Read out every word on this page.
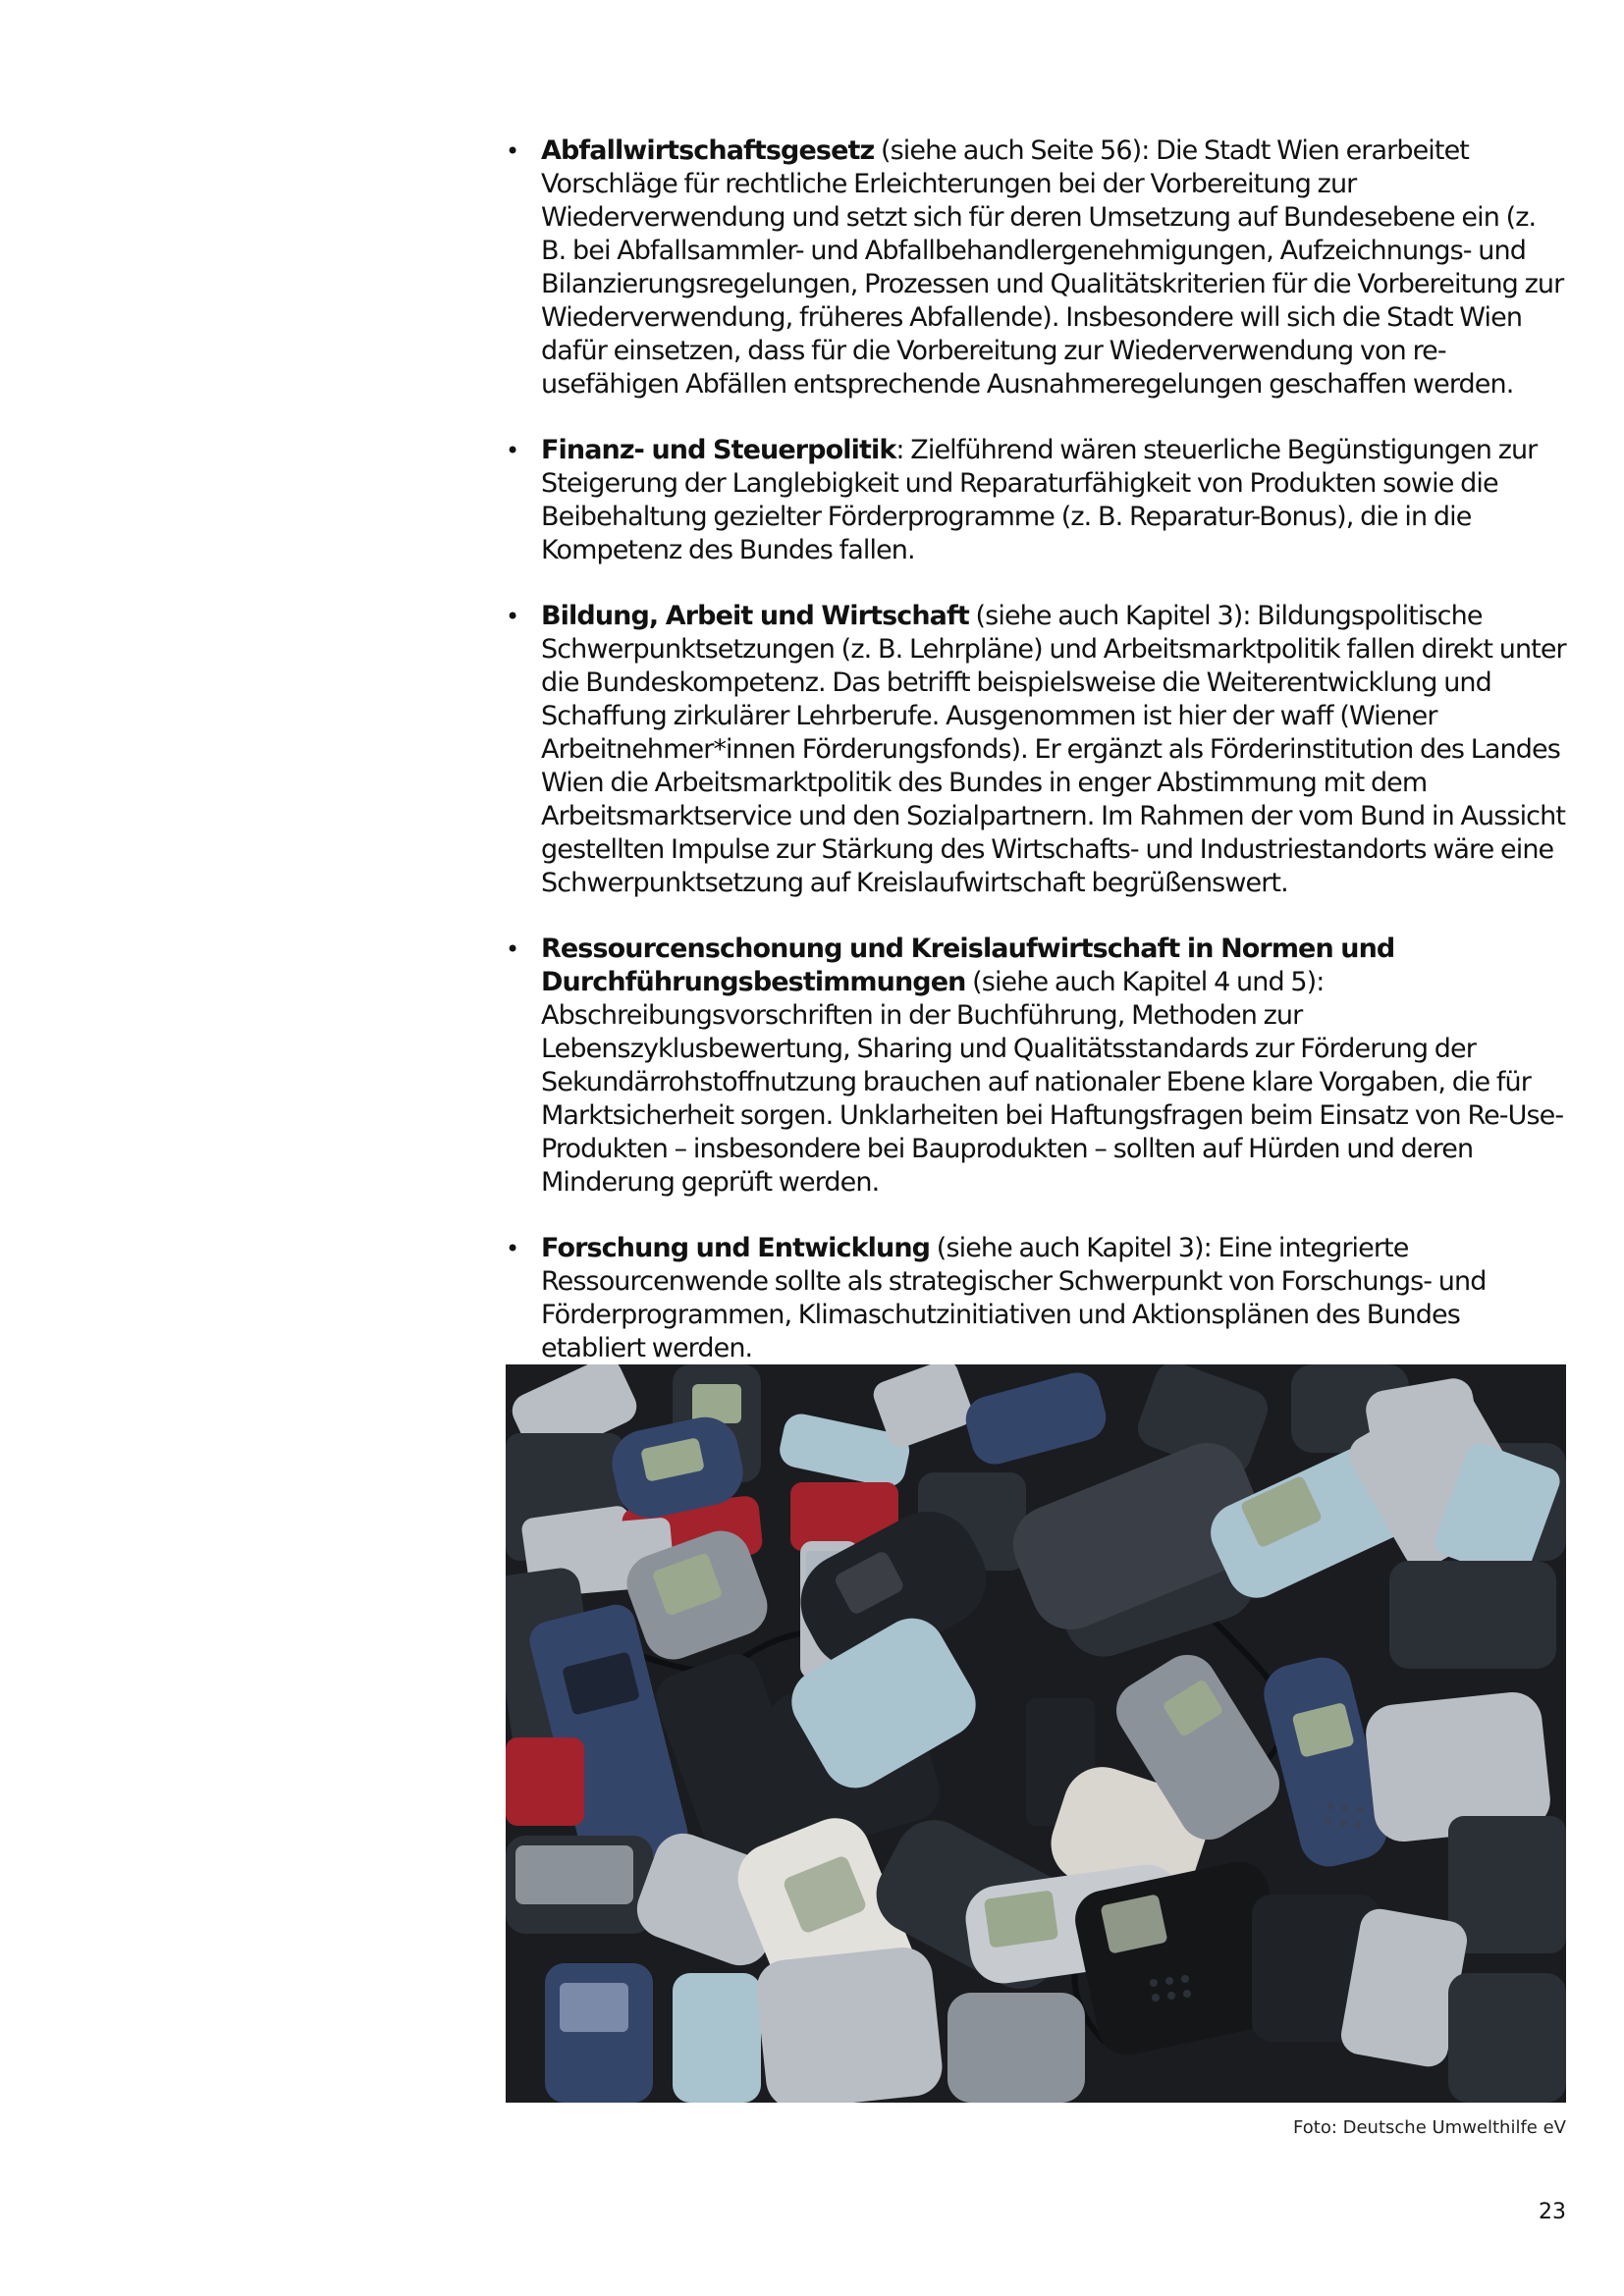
• Abfallwirtschaftsgesetz (siehe auch Seite 56): Die Stadt Wien erarbeitet Vorschläge für rechtliche Erleichterungen bei der Vorbereitung zur Wiederverwendung und setzt sich für deren Umsetzung auf Bundesebene ein (z. B. bei Abfallsammler- und Abfallbehandlergenehmigungen, Aufzeichnungs- und Bilanzierungsregelungen, Prozessen und Qualitätskriterien für die Vorbereitung zur Wiederverwendung, früheres Abfallende). Insbesondere will sich die Stadt Wien dafür einsetzen, dass für die Vorbereitung zur Wiederverwendung von re-usefähigen Abfällen entsprechende Ausnahmeregelungen geschaffen werden.
• Finanz- und Steuerpolitik: Zielführend wären steuerliche Begünstigungen zur Steigerung der Langlebigkeit und Reparaturfähigkeit von Produkten sowie die Beibehaltung gezielter Förderprogramme (z. B. Reparatur-Bonus), die in die Kompetenz des Bundes fallen.
• Bildung, Arbeit und Wirtschaft (siehe auch Kapitel 3): Bildungspolitische Schwerpunktsetzungen (z. B. Lehrpläne) und Arbeitsmarktpolitik fallen direkt unter die Bundeskompetenz. Das betrifft beispielsweise die Weiterentwicklung und Schaffung zirkulärer Lehrberufe. Ausgenommen ist hier der waff (Wiener Arbeitnehmer*innen Förderungsfonds). Er ergänzt als Förderinstitution des Landes Wien die Arbeitsmarktpolitik des Bundes in enger Abstimmung mit dem Arbeitsmarktservice und den Sozialpartnern. Im Rahmen der vom Bund in Aussicht gestellten Impulse zur Stärkung des Wirtschafts- und Industriestandorts wäre eine Schwerpunktsetzung auf Kreislaufwirtschaft begrüßenswert.
• Ressourcenschonung und Kreislaufwirtschaft in Normen und Durchführungsbestimmungen (siehe auch Kapitel 4 und 5): Abschreibungsvorschriften in der Buchführung, Methoden zur Lebenszyklusbewertung, Sharing und Qualitätsstandards zur Förderung der Sekundärrohstoffnutzung brauchen auf nationaler Ebene klare Vorgaben, die für Marktsicherheit sorgen. Unklarheiten bei Haftungsfragen beim Einsatz von Re-Use-Produkten – insbesondere bei Bauprodukten – sollten auf Hürden und deren Minderung geprüft werden.
• Forschung und Entwicklung (siehe auch Kapitel 3): Eine integrierte Ressourcenwende sollte als strategischer Schwerpunkt von Forschungs- und Förderprogrammen, Klimaschutzinitiativen und Aktionsplänen des Bundes etabliert werden.
Foto: Deutsche Umwelthilfe eV
23
